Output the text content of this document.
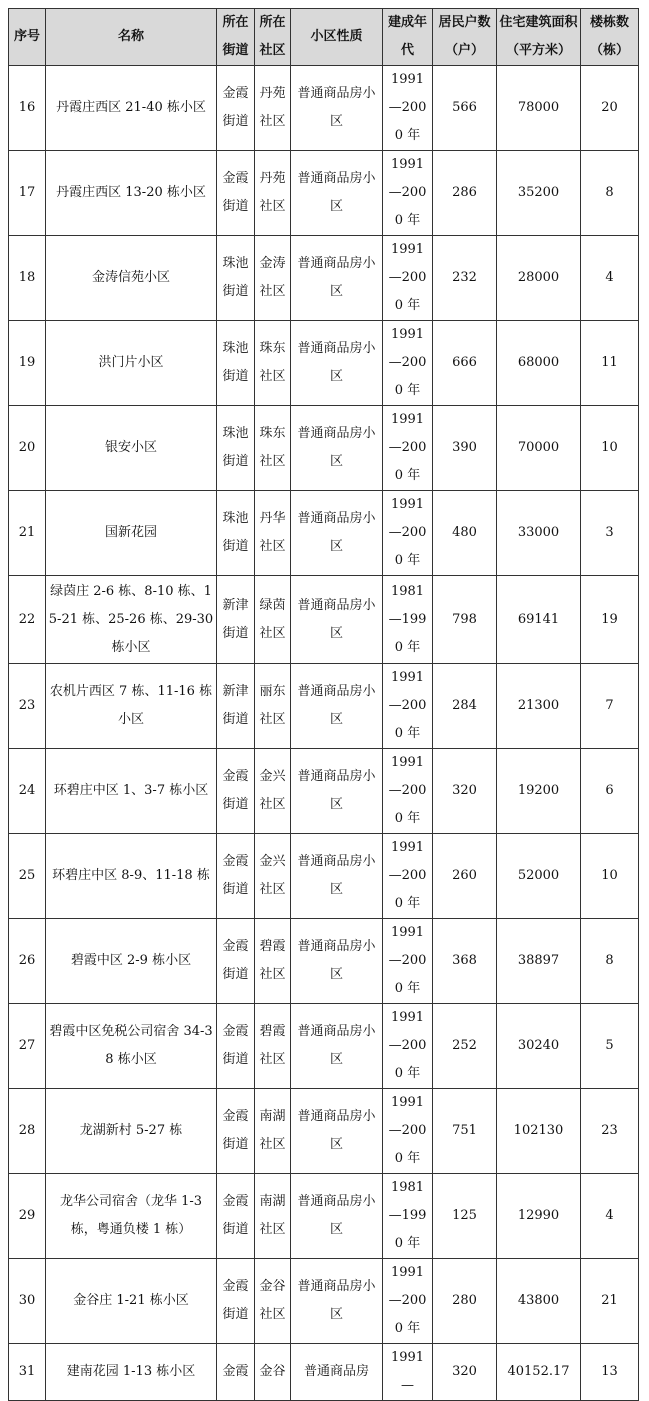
序号	名称	所在街道	所在社区	小区性质	建成年代	居民户数（户）	住宅建筑面积（平方米）	楼栋数（栋）
16	丹霞庄西区 21-40 栋小区	金霞街道	丹苑社区	普通商品房小区	1991—2000 年	566	78000	20
17	丹霞庄西区 13-20 栋小区	金霞街道	丹苑社区	普通商品房小区	1991—2000 年	286	35200	8
18	金涛信苑小区	珠池街道	金涛社区	普通商品房小区	1991—2000 年	232	28000	4
19	洪门片小区	珠池街道	珠东社区	普通商品房小区	1991—2000 年	666	68000	11
20	银安小区	珠池街道	珠东社区	普通商品房小区	1991—2000 年	390	70000	10
21	国新花园	珠池街道	丹华社区	普通商品房小区	1991—2000 年	480	33000	3
22	绿茵庄 2-6 栋、8-10 栋、15-21 栋、25-26 栋、29-30 栋小区	新津街道	绿茵社区	普通商品房小区	1981—1990 年	798	69141	19
23	农机片西区 7 栋、11-16 栋小区	新津街道	丽东社区	普通商品房小区	1991—2000 年	284	21300	7
24	环碧庄中区 1、3-7 栋小区	金霞街道	金兴社区	普通商品房小区	1991—2000 年	320	19200	6
25	环碧庄中区 8-9、11-18 栋	金霞街道	金兴社区	普通商品房小区	1991—2000 年	260	52000	10
26	碧霞中区 2-9 栋小区	金霞街道	碧霞社区	普通商品房小区	1991—2000 年	368	38897	8
27	碧霞中区免税公司宿舍 34-38 栋小区	金霞街道	碧霞社区	普通商品房小区	1991—2000 年	252	30240	5
28	龙湖新村 5-27 栋	金霞街道	南湖社区	普通商品房小区	1991—2000 年	751	102130	23
29	龙华公司宿舍（龙华 1-3 栋，粤通负楼 1 栋）	金霞街道	南湖社区	普通商品房小区	1981—1990 年	125	12990	4
30	金谷庄 1-21 栋小区	金霞街道	金谷社区	普通商品房小区	1991—2000 年	280	43800	21
31	建南花园 1-13 栋小区	金霞	金谷	普通商品房	1991—	320	40152.17	13
